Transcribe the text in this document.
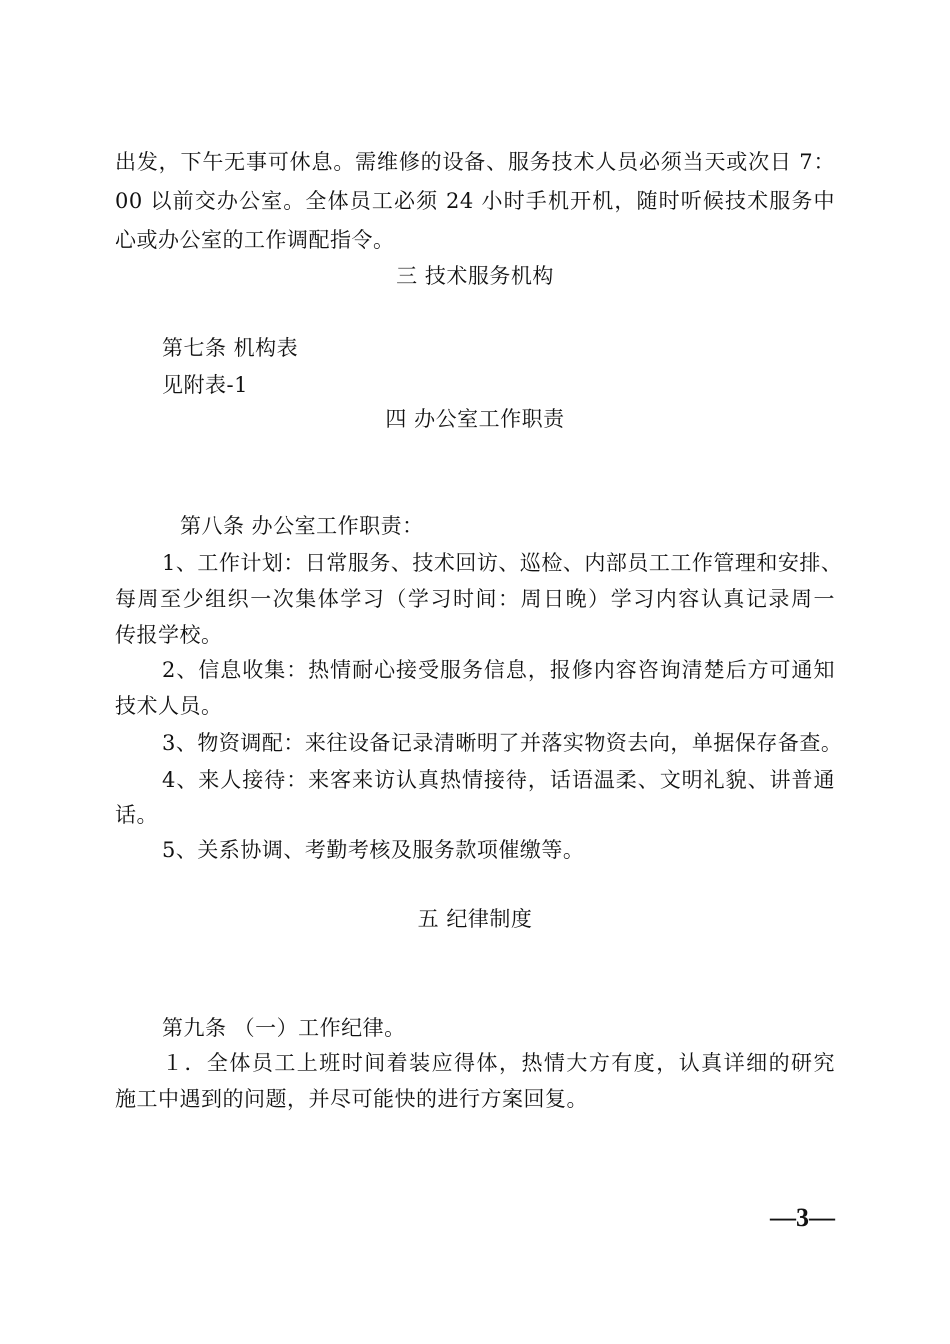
出发，下午无事可休息。需维修的设备、服务技术人员必须当天或次日 7：
00 以前交办公室。全体员工必须 24 小时手机开机，随时听候技术服务中
心或办公室的工作调配指令。
三 技术服务机构
第七条 机构表
见附表-1
四 办公室工作职责
第八条 办公室工作职责：
1、工作计划：日常服务、技术回访、巡检、内部员工工作管理和安排、
每周至少组织一次集体学习（学习时间：周日晚）学习内容认真记录周一
传报学校。
2、信息收集：热情耐心接受服务信息，报修内容咨询清楚后方可通知
技术人员。
3、物资调配：来往设备记录清晰明了并落实物资去向，单据保存备查。
4、来人接待：来客来访认真热情接待，话语温柔、文明礼貌、讲普通
话。
5、关系协调、考勤考核及服务款项催缴等。
五 纪律制度
第九条 （一）工作纪律。
１．全体员工上班时间着装应得体，热情大方有度，认真详细的研究
施工中遇到的问题，并尽可能快的进行方案回复。
—3—
